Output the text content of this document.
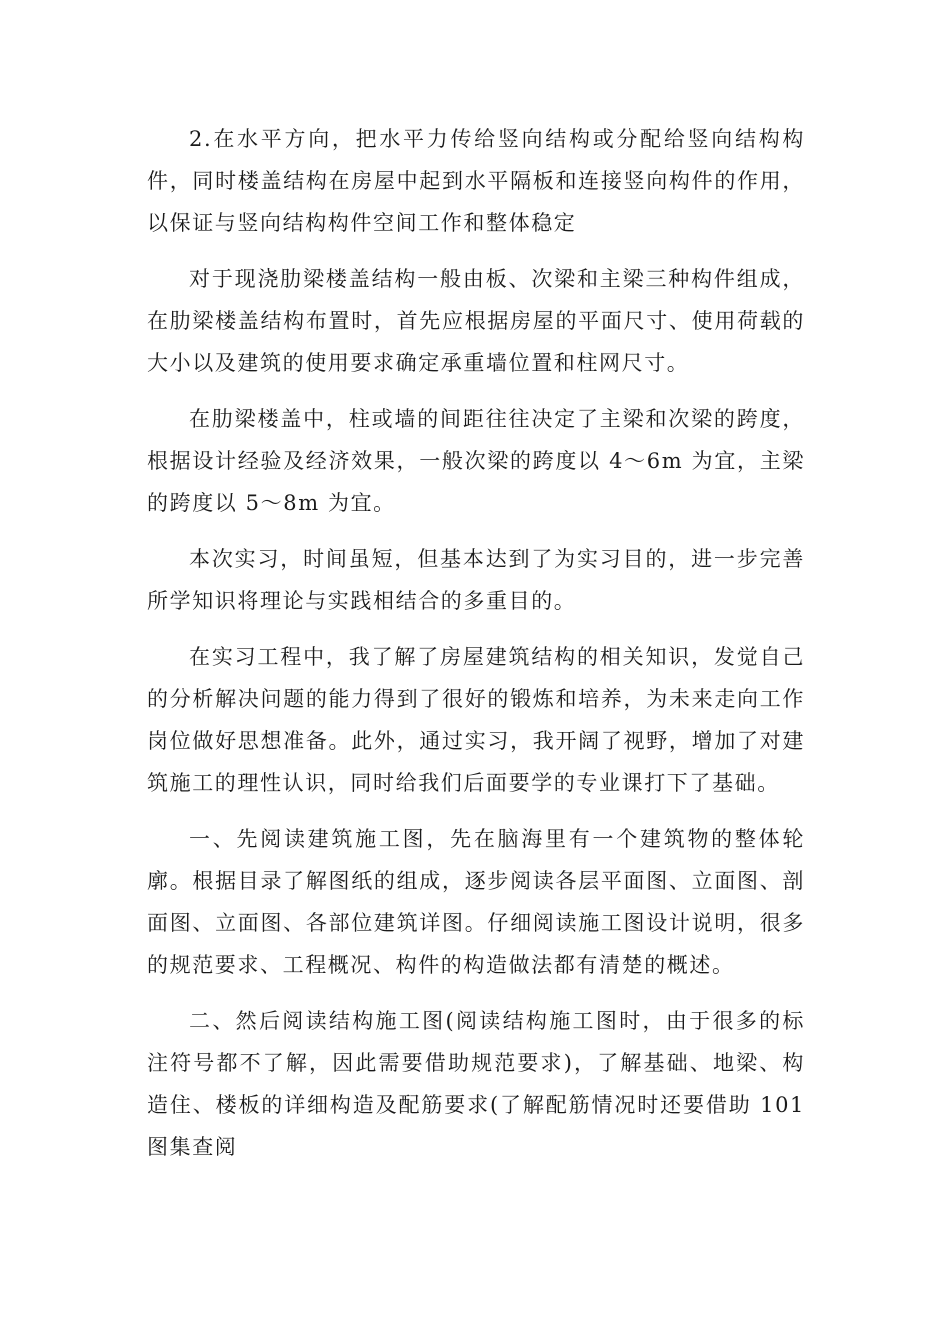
2.在水平方向，把水平力传给竖向结构或分配给竖向结构构件，同时楼盖结构在房屋中起到水平隔板和连接竖向构件的作用，以保证与竖向结构构件空间工作和整体稳定

对于现浇肋梁楼盖结构一般由板、次梁和主梁三种构件组成，在肋梁楼盖结构布置时，首先应根据房屋的平面尺寸、使用荷载的大小以及建筑的使用要求确定承重墙位置和柱网尺寸。

在肋梁楼盖中，柱或墙的间距往往决定了主梁和次梁的跨度，根据设计经验及经济效果，一般次梁的跨度以 4～6m 为宜，主梁的跨度以 5～8m 为宜。

本次实习，时间虽短，但基本达到了为实习目的，进一步完善所学知识将理论与实践相结合的多重目的。

在实习工程中，我了解了房屋建筑结构的相关知识，发觉自己的分析解决问题的能力得到了很好的锻炼和培养，为未来走向工作岗位做好思想准备。此外，通过实习，我开阔了视野，增加了对建筑施工的理性认识，同时给我们后面要学的专业课打下了基础。

一、先阅读建筑施工图，先在脑海里有一个建筑物的整体轮廓。根据目录了解图纸的组成，逐步阅读各层平面图、立面图、剖面图、立面图、各部位建筑详图。仔细阅读施工图设计说明，很多的规范要求、工程概况、构件的构造做法都有清楚的概述。

二、然后阅读结构施工图(阅读结构施工图时，由于很多的标注符号都不了解，因此需要借助规范要求)，了解基础、地梁、构造住、楼板的详细构造及配筋要求(了解配筋情况时还要借助 101 图集查阅
